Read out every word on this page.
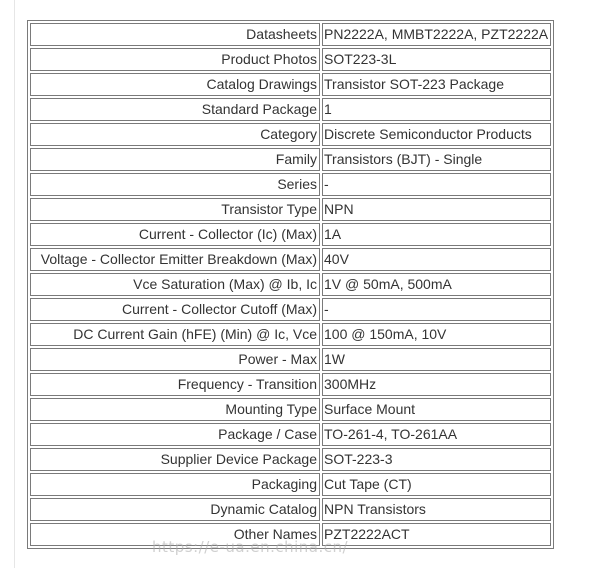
Datasheets	PN2222A, MMBT2222A, PZT2222A
Product Photos	SOT223-3L
Catalog Drawings	Transistor SOT-223 Package
Standard Package	1
Category	Discrete Semiconductor Products
Family	Transistors (BJT) - Single
Series	-
Transistor Type	NPN
Current - Collector (Ic) (Max)	1A
Voltage - Collector Emitter Breakdown (Max)	40V
Vce Saturation (Max) @ Ib, Ic	1V @ 50mA, 500mA
Current - Collector Cutoff (Max)	-
DC Current Gain (hFE) (Min) @ Ic, Vce	100 @ 150mA, 10V
Power - Max	1W
Frequency - Transition	300MHz
Mounting Type	Surface Mount
Package / Case	TO-261-4, TO-261AA
Supplier Device Package	SOT-223-3
Packaging	Cut Tape (CT)
Dynamic Catalog	NPN Transistors
Other Names	PZT2222ACT
https://e-ua.en.china.cn/
